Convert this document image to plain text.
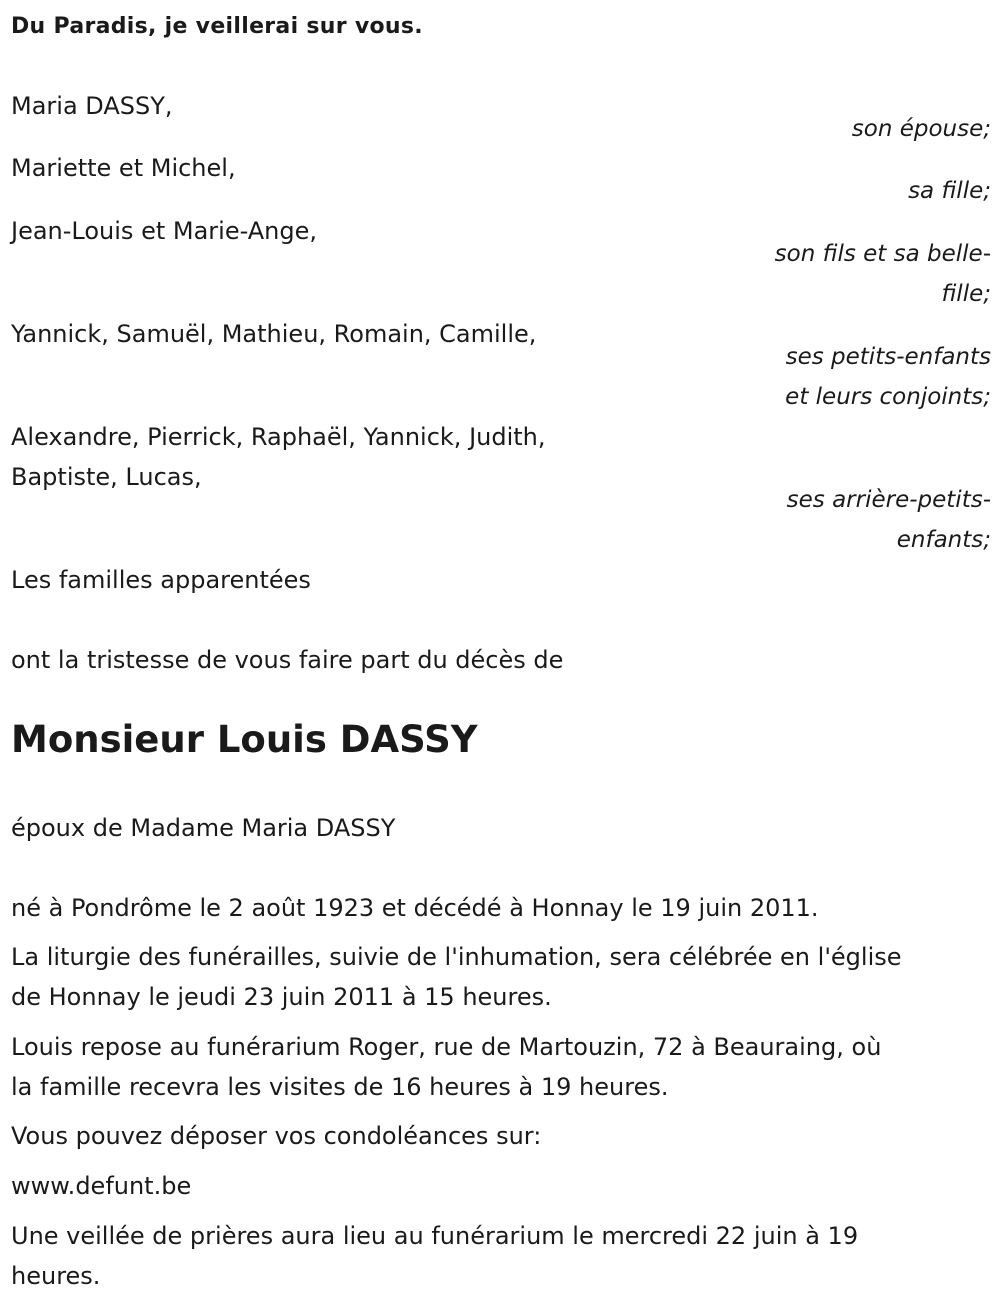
Du Paradis, je veillerai sur vous.
Maria DASSY,
son épouse;
Mariette et Michel,
sa fille;
Jean-Louis et Marie-Ange,
son fils et sa belle-
fille;
Yannick, Samuël, Mathieu, Romain, Camille,
ses petits-enfants
et leurs conjoints;
Alexandre, Pierrick, Raphaël, Yannick, Judith,
Baptiste, Lucas,
ses arrière-petits-
enfants;
Les familles apparentées
ont la tristesse de vous faire part du décès de
Monsieur Louis DASSY
époux de Madame Maria DASSY
né à Pondrôme le 2 août 1923 et décédé à Honnay le 19 juin 2011.
La liturgie des funérailles, suivie de l'inhumation, sera célébrée en l'église
de Honnay le jeudi 23 juin 2011 à 15 heures.
Louis repose au funérarium Roger, rue de Martouzin, 72 à Beauraing, où
la famille recevra les visites de 16 heures à 19 heures.
Vous pouvez déposer vos condoléances sur:
www.defunt.be
Une veillée de prières aura lieu au funérarium le mercredi 22 juin à 19
heures.
